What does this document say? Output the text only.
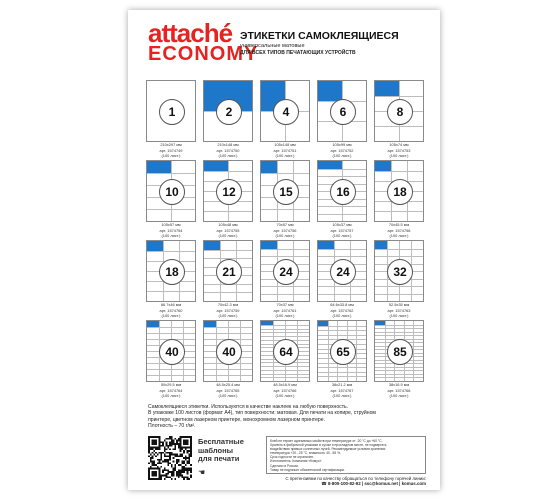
attaché
ECONOMY
ЭТИКЕТКИ САМОКЛЕЯЩИЕСЯ
универсальные матовые
ДЛЯ ВСЕХ ТИПОВ ПЕЧАТАЮЩИХ УСТРОЙСТВ
1
210x297 мм
арт. 1574749
(100 лист.)
2
210x148 мм
арт. 1574750
(100 лист.)
4
105x148 мм
арт. 1574751
(100 лист.)
6
105x99 мм
арт. 1574752
(100 лист.)
8
105x74 мм
арт. 1574753
(100 лист.)
10
105x57 мм
арт. 1574754
(100 лист.)
12
105x48 мм
арт. 1574755
(100 лист.)
15
70x57 мм
арт. 1574756
(100 лист.)
16
105x37 мм
арт. 1574757
(100 лист.)
18
70x45.5 мм
арт. 1574758
(100 лист.)
18
66.7x46 мм
арт. 1574760
(100 лист.)
21
70x42.3 мм
арт. 1574759
(100 лист.)
24
70x37 мм
арт. 1574761
(100 лист.)
24
64.6x33.8 мм
арт. 1574762
(100 лист.)
32
52.5x35 мм
арт. 1574763
(100 лист.)
40
50x29.5 мм
арт. 1574764
(100 лист.)
40
48.5x25.4 мм
арт. 1574765
(100 лист.)
64
48.5x16.9 мм
арт. 1574766
(100 лист.)
65
38x21.2 мм
арт. 1574767
(100 лист.)
85
38x16.9 мм
арт. 1574768
(100 лист.)
Самоклеящиеся этикетки. Используются в качестве наклеек на любую поверхность.
В упаковке 100 листов (формат А4), тип поверхности: матовая. Для печати на копире, струйном
принтере, цветном лазерном принтере, монохромном лазерном принтере.
Плотность – 70 г/м².
Бесплатные
шаблоны
для печати
☚
Клей не теряет адгезивных свойств при температуре от -20 °С до +60 °С.
Хранить в фабричной упаковке в сухом и прохладном месте, не подвергать
воздействию прямых солнечных лучей. Рекомендуемые условия хранения:
температура +20...25 °С, влажность 40...55 %.
Срок годности не ограничен.
Изготовитель: Компания «Комус».
Сделано в России.
Товар не подлежит обязательной сертификации.
С претензиями по качеству обращаться по телефону горячей линии:
☎ 8-800-100-82-92 | ssc@komus.net | komus.com
